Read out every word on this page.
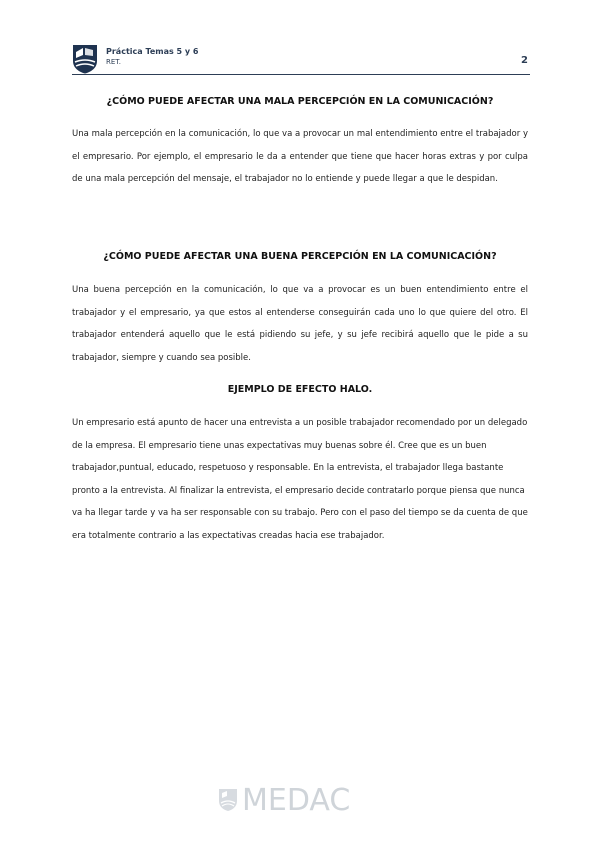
Práctica Temas 5 y 6
RET.	2
¿CÓMO PUEDE AFECTAR UNA MALA PERCEPCIÓN EN LA COMUNICACIÓN?

Una mala percepción en la comunicación, lo que va a provocar un mal entendimiento entre el trabajador y el empresario. Por ejemplo, el empresario le da a entender que tiene que hacer horas extras y por culpa de una mala percepción del mensaje, el trabajador no lo entiende y puede llegar a que le despidan.

¿CÓMO PUEDE AFECTAR UNA BUENA PERCEPCIÓN EN LA COMUNICACIÓN?

Una buena percepción en la comunicación, lo que va a provocar es un buen entendimiento entre el trabajador y el empresario, ya que estos al entenderse conseguirán cada uno lo que quiere del otro. El trabajador entenderá aquello que le está pidiendo su jefe, y su jefe recibirá aquello que le pide a su trabajador, siempre y cuando sea posible.

EJEMPLO DE EFECTO HALO.

Un empresario está apunto de hacer una entrevista a un posible trabajador recomendado por un delegado de la empresa. El empresario tiene unas expectativas muy buenas sobre él. Cree que es un buen trabajador,puntual, educado, respetuoso y responsable. En la entrevista, el trabajador llega bastante pronto a la entrevista. Al finalizar la entrevista, el empresario decide contratarlo porque piensa que nunca va ha llegar tarde y va ha ser responsable con su trabajo. Pero con el paso del tiempo se da cuenta de que era totalmente contrario a las expectativas creadas hacia ese trabajador.

MEDAC
